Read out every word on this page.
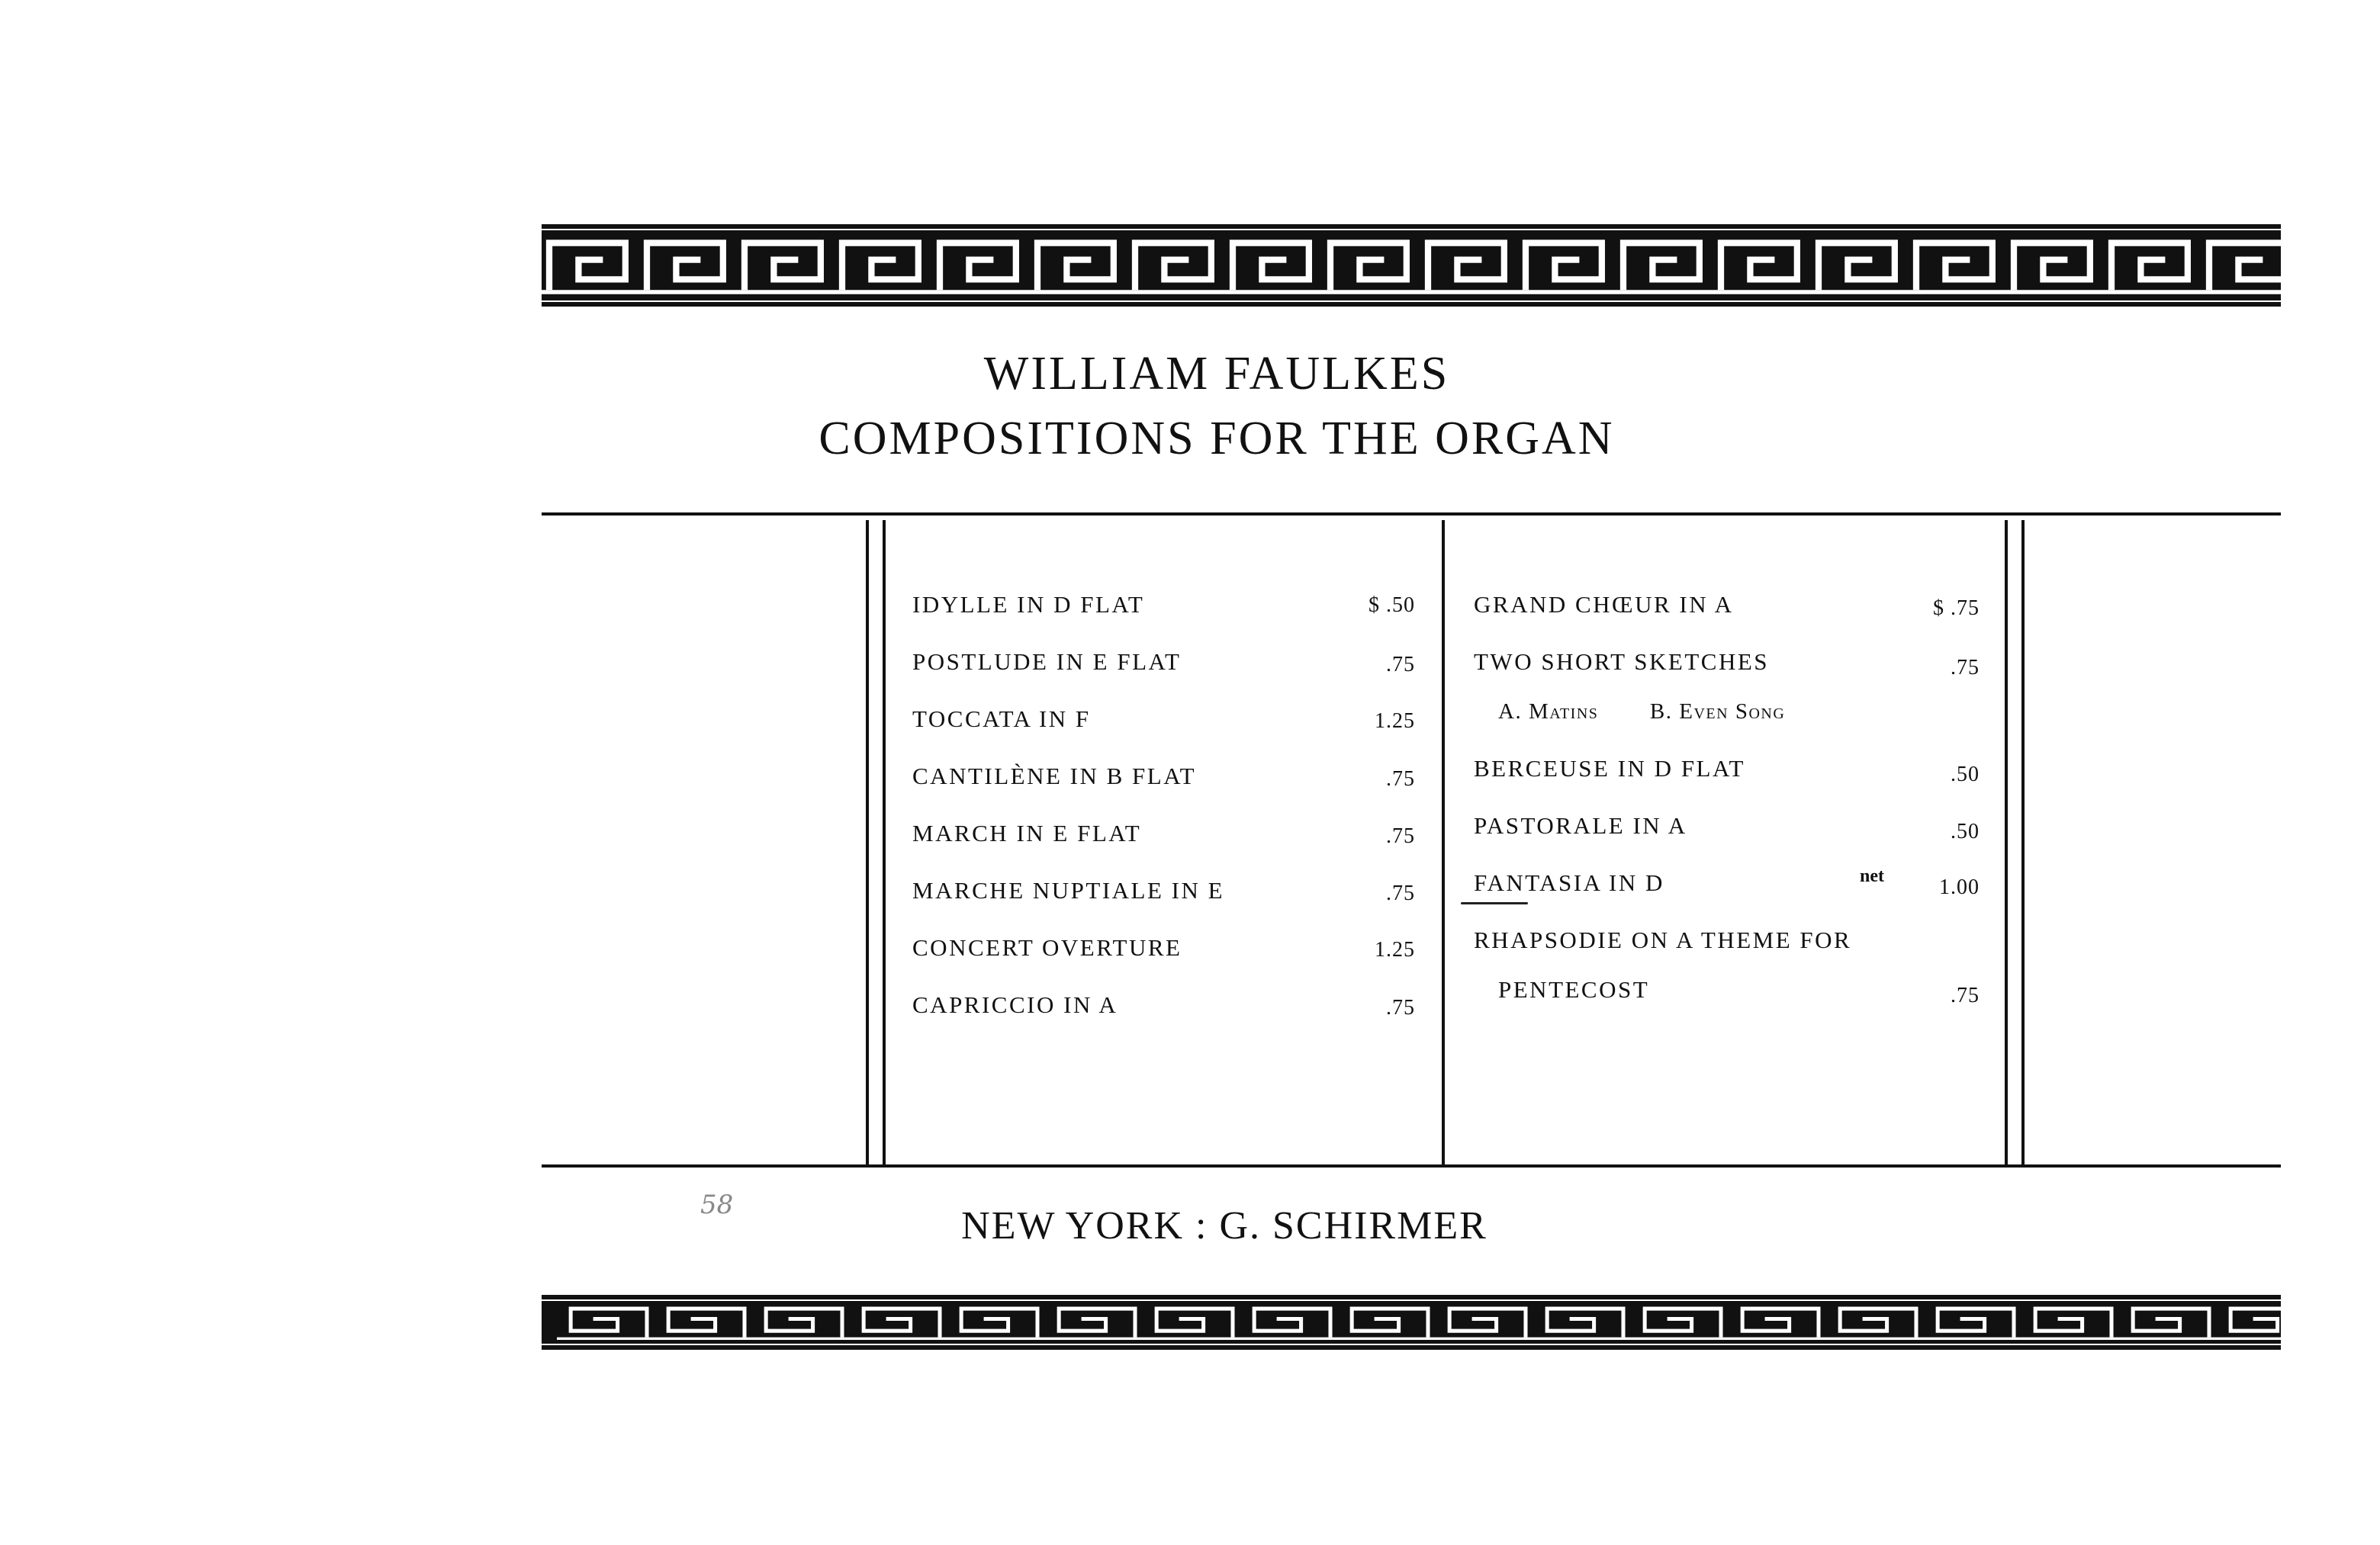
WILLIAM FAULKES
COMPOSITIONS FOR THE ORGAN
IDYLLE IN D FLAT	$ .50
POSTLUDE IN E FLAT	.75
TOCCATA IN F	1.25
CANTILÈNE IN B FLAT	.75
MARCH IN E FLAT	.75
MARCHE NUPTIALE IN E	.75
CONCERT OVERTURE	1.25
CAPRICCIO IN A	.75
GRAND CHŒUR IN A	$ .75
TWO SHORT SKETCHES	.75
A. Matins B. Even Song
BERCEUSE IN D FLAT	.50
PASTORALE IN A	.50
FANTASIA IN D	net	1.00
RHAPSODIE ON A THEME FOR
PENTECOST	.75
58	NEW YORK : G. SCHIRMER
